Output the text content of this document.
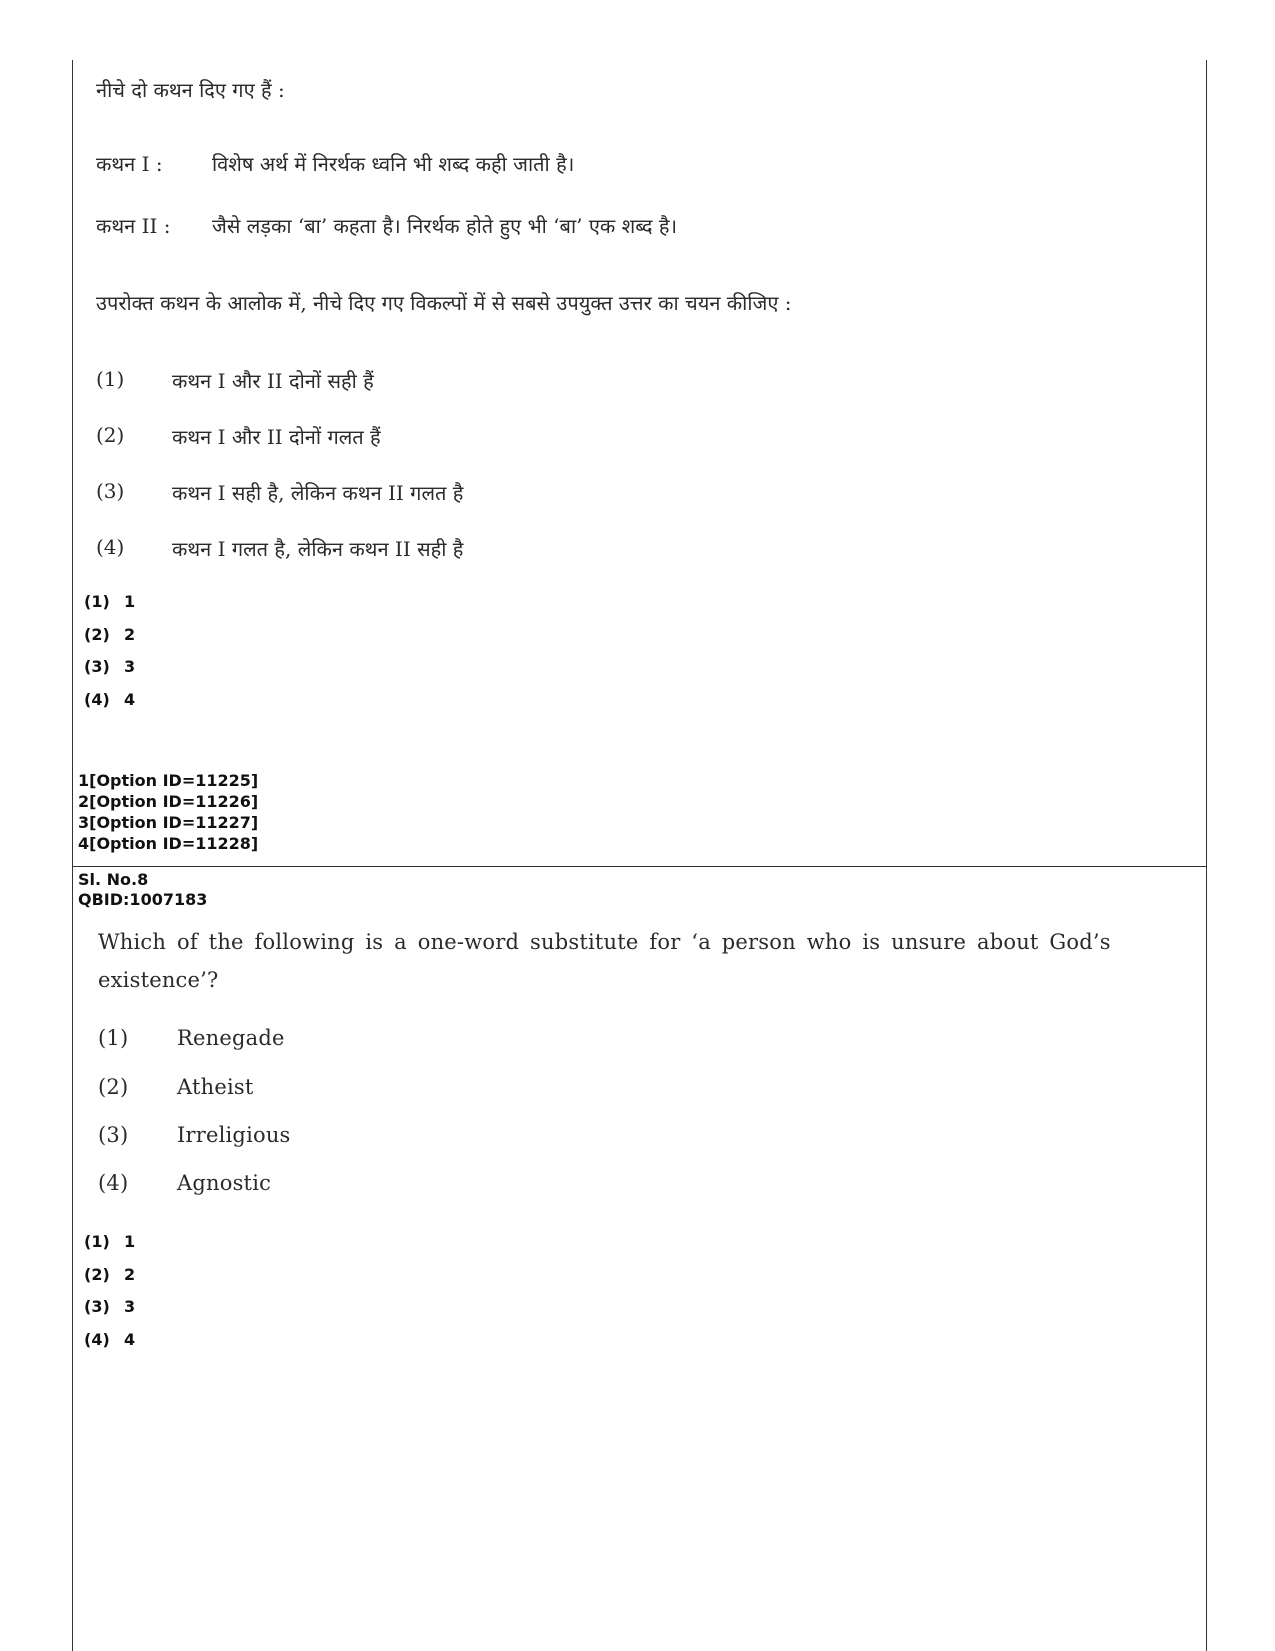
नीचे दो कथन दिए गए हैं :
कथन I : विशेष अर्थ में निरर्थक ध्वनि भी शब्द कही जाती है।
कथन II : जैसे लड़का ‘बा’ कहता है। निरर्थक होते हुए भी ‘बा’ एक शब्द है।
उपरोक्त कथन के आलोक में, नीचे दिए गए विकल्पों में से सबसे उपयुक्त उत्तर का चयन कीजिए :
(1) कथन I और II दोनों सही हैं
(2) कथन I और II दोनों गलत हैं
(3) कथन I सही है, लेकिन कथन II गलत है
(4) कथन I गलत है, लेकिन कथन II सही है
(1) 1
(2) 2
(3) 3
(4) 4
1[Option ID=11225]
2[Option ID=11226]
3[Option ID=11227]
4[Option ID=11228]
Sl. No.8
QBID:1007183
Which of the following is a one-word substitute for ‘a person who is unsure about God’s
existence’?
(1) Renegade
(2) Atheist
(3) Irreligious
(4) Agnostic
(1) 1
(2) 2
(3) 3
(4) 4
